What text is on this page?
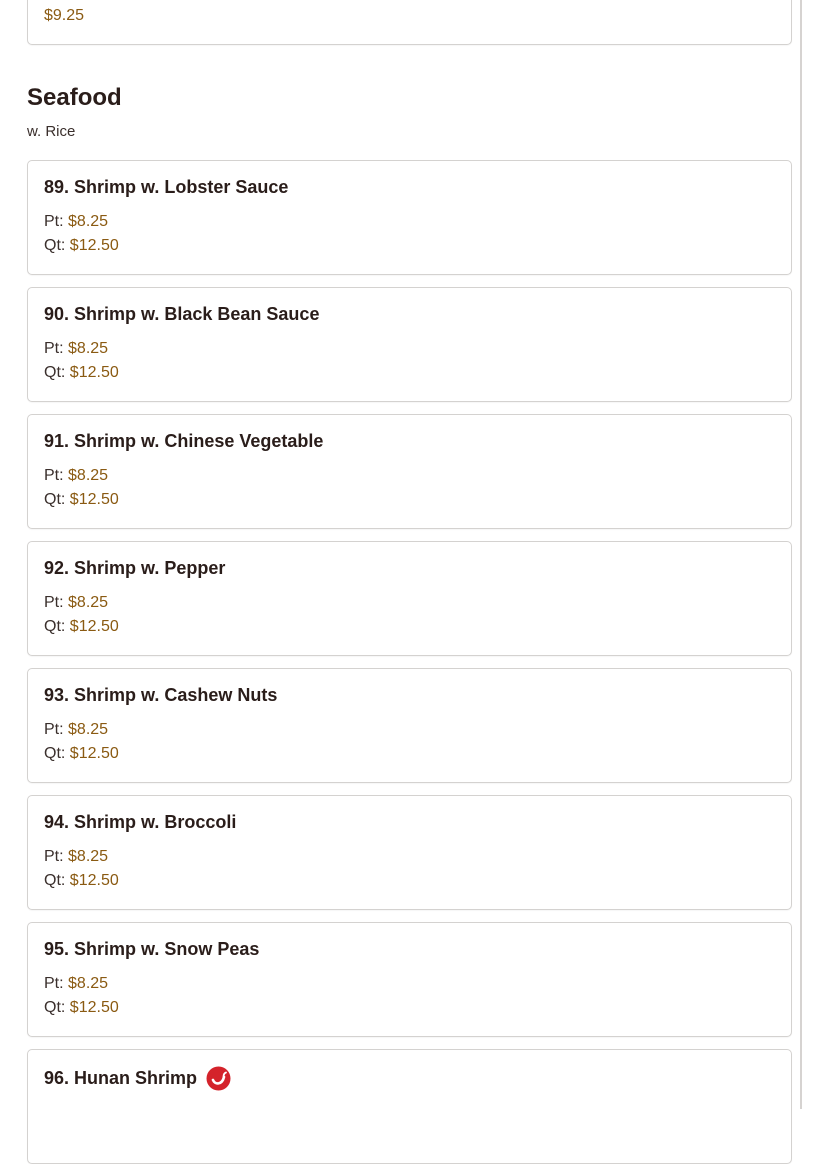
$9.25
Seafood
w. Rice
89. Shrimp w. Lobster Sauce
Pt: $8.25
Qt: $12.50
90. Shrimp w. Black Bean Sauce
Pt: $8.25
Qt: $12.50
91. Shrimp w. Chinese Vegetable
Pt: $8.25
Qt: $12.50
92. Shrimp w. Pepper
Pt: $8.25
Qt: $12.50
93. Shrimp w. Cashew Nuts
Pt: $8.25
Qt: $12.50
94. Shrimp w. Broccoli
Pt: $8.25
Qt: $12.50
95. Shrimp w. Snow Peas
Pt: $8.25
Qt: $12.50
96. Hunan Shrimp
